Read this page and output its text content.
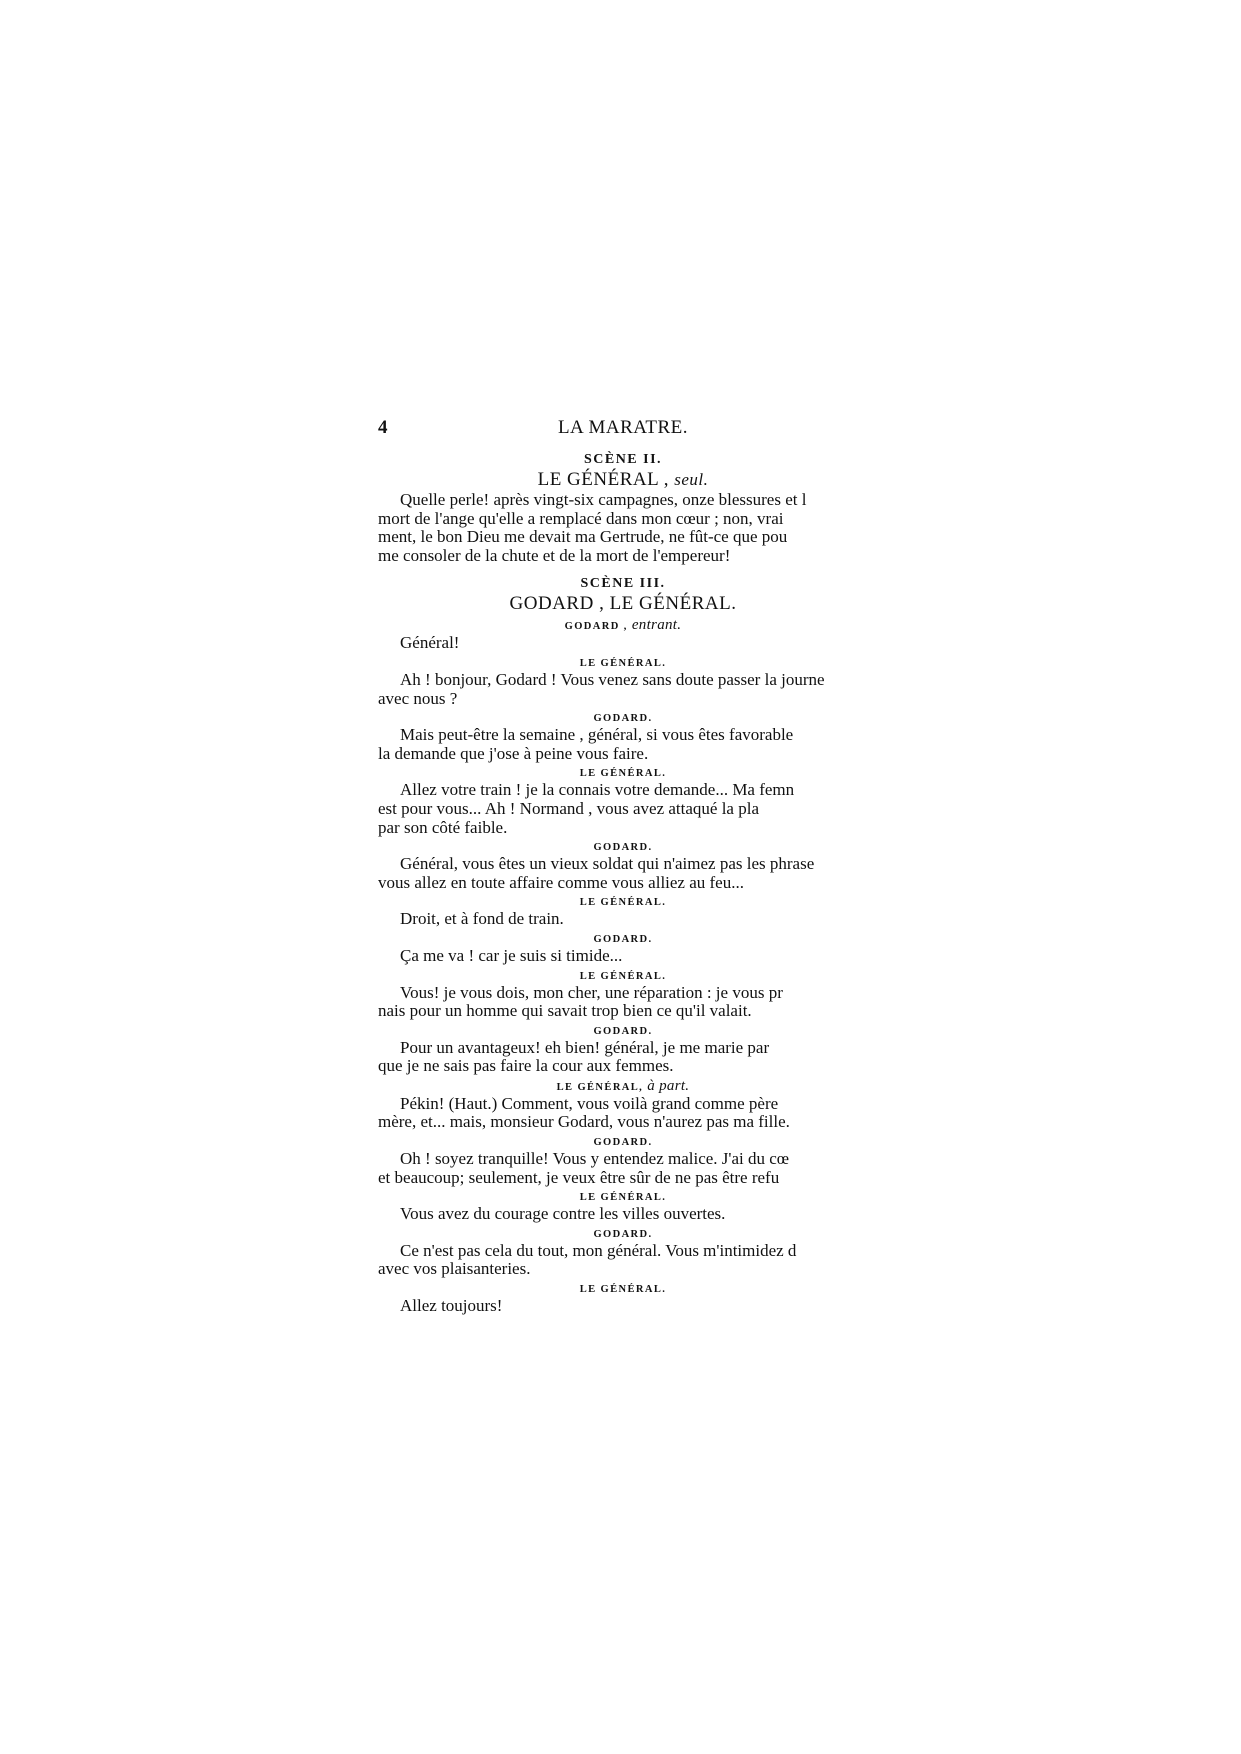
4	LA MARATRE.
SCÈNE II.
LE GÉNÉRAL , seul.
Quelle perle! après vingt-six campagnes, onze blessures et l
mort de l'ange qu'elle a remplacé dans mon cœur ; non, vrai
ment, le bon Dieu me devait ma Gertrude, ne fût-ce que pou
me consoler de la chute et de la mort de l'empereur!
SCÈNE III.
GODARD , LE GÉNÉRAL.
GODARD , entrant.
Général!
LE GÉNÉRAL.
Ah ! bonjour, Godard ! Vous venez sans doute passer la journe
avec nous ?
GODARD.
Mais peut-être la semaine , général, si vous êtes favorable
la demande que j'ose à peine vous faire.
LE GÉNÉRAL.
Allez votre train ! je la connais votre demande... Ma femn
est pour vous... Ah ! Normand , vous avez attaqué la pla
par son côté faible.
GODARD.
Général, vous êtes un vieux soldat qui n'aimez pas les phrase
vous allez en toute affaire comme vous alliez au feu...
LE GÉNÉRAL.
Droit, et à fond de train.
GODARD.
Ça me va ! car je suis si timide...
LE GÉNÉRAL.
Vous! je vous dois, mon cher, une réparation : je vous pr
nais pour un homme qui savait trop bien ce qu'il valait.
GODARD.
Pour un avantageux! eh bien! général, je me marie par
que je ne sais pas faire la cour aux femmes.
LE GÉNÉRAL, à part.
Pékin! (Haut.) Comment, vous voilà grand comme père
mère, et... mais, monsieur Godard, vous n'aurez pas ma fille.
GODARD.
Oh ! soyez tranquille! Vous y entendez malice. J'ai du cœ
et beaucoup; seulement, je veux être sûr de ne pas être refu
LE GÉNÉRAL.
Vous avez du courage contre les villes ouvertes.
GODARD.
Ce n'est pas cela du tout, mon général. Vous m'intimidez d
avec vos plaisanteries.
LE GÉNÉRAL.
Allez toujours!
